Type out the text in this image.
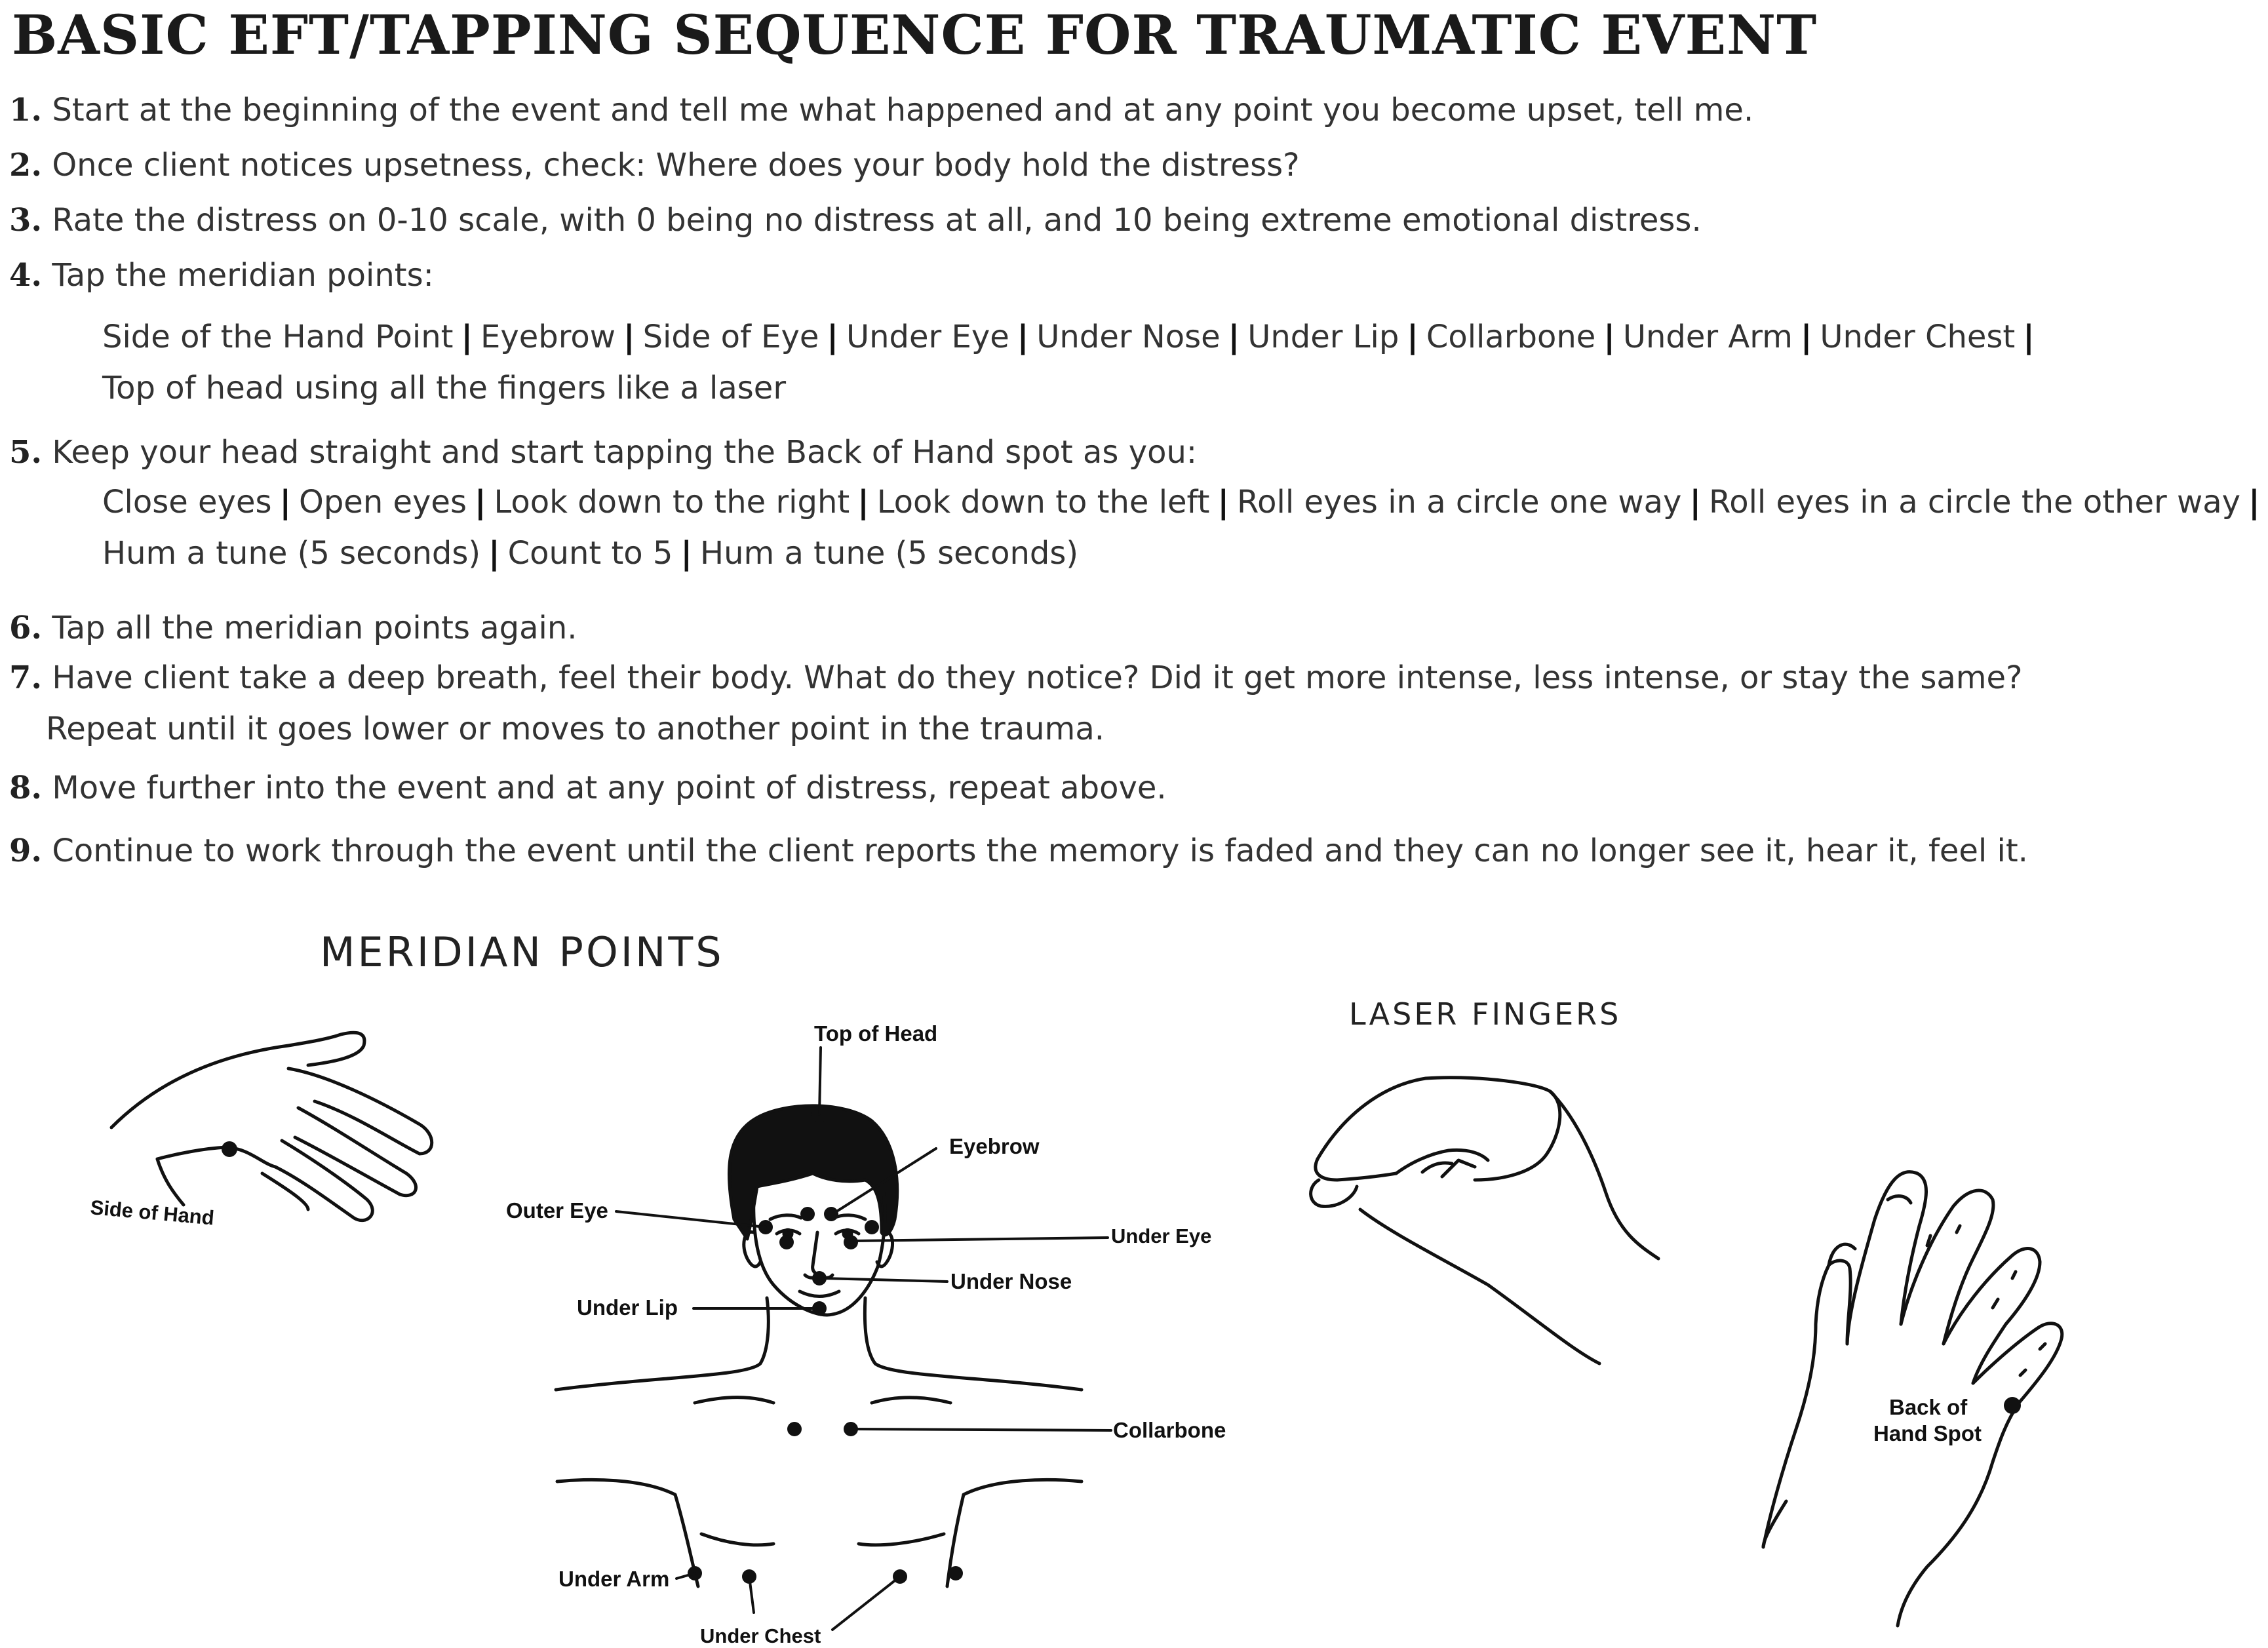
BASIC EFT/TAPPING SEQUENCE FOR TRAUMATIC EVENT
1. Start at the beginning of the event and tell me what happened and at any point you become upset, tell me.
2. Once client notices upsetness, check: Where does your body hold the distress?
3. Rate the distress on 0-10 scale, with 0 being no distress at all, and 10 being extreme emotional distress.
4. Tap the meridian points:
Side of the Hand Point | Eyebrow | Side of Eye | Under Eye | Under Nose | Under Lip | Collarbone | Under Arm | Under Chest |
Top of head using all the fingers like a laser
5. Keep your head straight and start tapping the Back of Hand spot as you:
Close eyes | Open eyes | Look down to the right | Look down to the left | Roll eyes in a circle one way | Roll eyes in a circle the other way |
Hum a tune (5 seconds) | Count to 5 | Hum a tune (5 seconds)
6. Tap all the meridian points again.
7. Have client take a deep breath, feel their body. What do they notice? Did it get more intense, less intense, or stay the same?
Repeat until it goes lower or moves to another point in the trauma.
8. Move further into the event and at any point of distress, repeat above.
9. Continue to work through the event until the client reports the memory is faded and they can no longer see it, hear it, feel it.
MERIDIAN POINTS
LASER FINGERS
Side of Hand
Top of Head
Eyebrow
Outer Eye
Under Eye
Under Nose
Under Lip
Collarbone
Under Arm
Under Chest
Back of
Hand Spot
